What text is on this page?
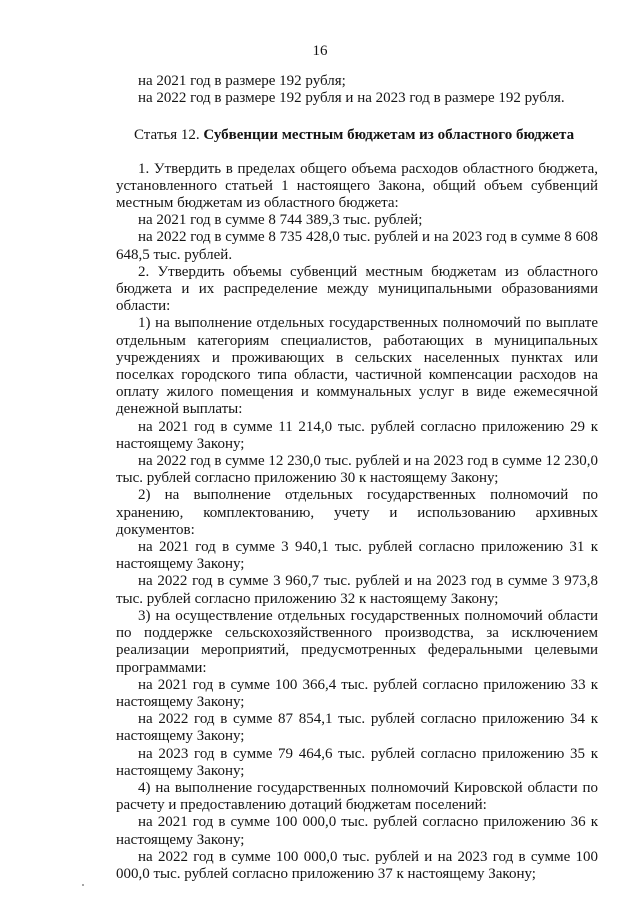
16
на 2021 год в размере 192 рубля;
на 2022 год в размере 192 рубля и на 2023 год в размере 192 рубля.
Статья 12. Субвенции местным бюджетам из областного бюджета
1. Утвердить в пределах общего объема расходов областного бюджета, установленного статьей 1 настоящего Закона, общий объем субвенций местным бюджетам из областного бюджета:
на 2021 год в сумме 8 744 389,3 тыс. рублей;
на 2022 год в сумме 8 735 428,0 тыс. рублей и на 2023 год в сумме 8 608 648,5 тыс. рублей.
2. Утвердить объемы субвенций местным бюджетам из областного бюджета и их распределение между муниципальными образованиями области:
1) на выполнение отдельных государственных полномочий по выплате отдельным категориям специалистов, работающих в муниципальных учреждениях и проживающих в сельских населенных пунктах или поселках городского типа области, частичной компенсации расходов на оплату жилого помещения и коммунальных услуг в виде ежемесячной денежной выплаты:
на 2021 год в сумме 11 214,0 тыс. рублей согласно приложению 29 к настоящему Закону;
на 2022 год в сумме 12 230,0 тыс. рублей и на 2023 год в сумме 12 230,0 тыс. рублей согласно приложению 30 к настоящему Закону;
2) на выполнение отдельных государственных полномочий по хранению, комплектованию, учету и использованию архивных документов:
на 2021 год в сумме 3 940,1 тыс. рублей согласно приложению 31 к настоящему Закону;
на 2022 год в сумме 3 960,7 тыс. рублей и на 2023 год в сумме 3 973,8 тыс. рублей согласно приложению 32 к настоящему Закону;
3) на осуществление отдельных государственных полномочий области по поддержке сельскохозяйственного производства, за исключением реализации мероприятий, предусмотренных федеральными целевыми программами:
на 2021 год в сумме 100 366,4 тыс. рублей согласно приложению 33 к настоящему Закону;
на 2022 год в сумме 87 854,1 тыс. рублей согласно приложению 34 к настоящему Закону;
на 2023 год в сумме 79 464,6 тыс. рублей согласно приложению 35 к настоящему Закону;
4) на выполнение государственных полномочий Кировской области по расчету и предоставлению дотаций бюджетам поселений:
на 2021 год в сумме 100 000,0 тыс. рублей согласно приложению 36 к настоящему Закону;
на 2022 год в сумме 100 000,0 тыс. рублей и на 2023 год в сумме 100 000,0 тыс. рублей согласно приложению 37 к настоящему Закону;
